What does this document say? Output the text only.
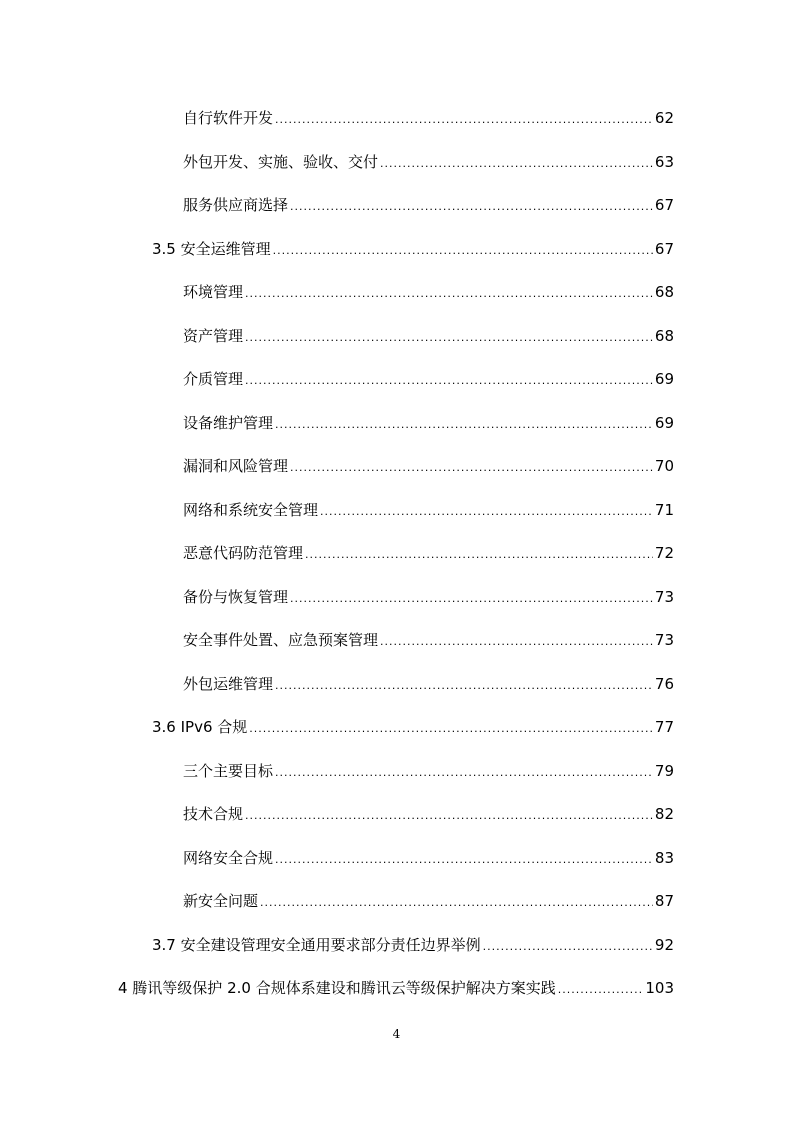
自行软件开发 .....	62
外包开发、实施、验收、交付 .....	63
服务供应商选择 .....	67
3.5 安全运维管理 .....	67
环境管理 .....	68
资产管理 .....	68
介质管理 .....	69
设备维护管理 .....	69
漏洞和风险管理 .....	70
网络和系统安全管理 .....	71
恶意代码防范管理 .....	72
备份与恢复管理 .....	73
安全事件处置、应急预案管理 .....	73
外包运维管理 .....	76
3.6 IPv6 合规 .....	77
三个主要目标 .....	79
技术合规 .....	82
网络安全合规 .....	83
新安全问题 .....	87
3.7 安全建设管理安全通用要求部分责任边界举例 .....	92
4 腾讯等级保护 2.0 合规体系建设和腾讯云等级保护解决方案实践 .....	103
4
